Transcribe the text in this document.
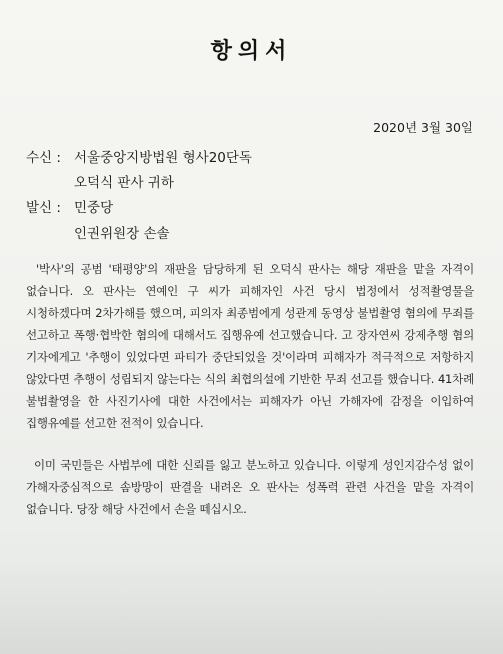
항의서
2020년 3월 30일
수신 : 서울중앙지방법원 형사20단독
오덕식 판사 귀하
발신 : 민중당
인권위원장 손솔
'박사'의 공범 '태평양'의 재판을 담당하게 된 오덕식 판사는 해당 재판을 맡을 자격이 없습니다. 오 판사는 연예인 구 씨가 피해자인 사건 당시 법정에서 성적촬영물을 시청하겠다며 2차가해를 했으며, 피의자 최종범에게 성관계 동영상 불법촬영 혐의에 무죄를 선고하고 폭행·협박한 혐의에 대해서도 집행유예 선고했습니다. 고 장자연씨 강제추행 혐의 기자에게고 '추행이 있었다면 파티가 중단되었을 것'이라며 피해자가 적극적으로 저항하지 않았다면 추행이 성립되지 않는다는 식의 최협의설에 기반한 무죄 선고를 했습니다. 41차례 불법촬영을 한 사진기사에 대한 사건에서는 피해자가 아닌 가해자에 감정을 이입하여 집행유예를 선고한 전적이 있습니다.
이미 국민들은 사법부에 대한 신뢰를 잃고 분노하고 있습니다. 이렇게 성인지감수성 없이 가해자중심적으로 솜방망이 판결을 내려온 오 판사는 성폭력 관련 사건을 맡을 자격이 없습니다. 당장 해당 사건에서 손을 떼십시오.
